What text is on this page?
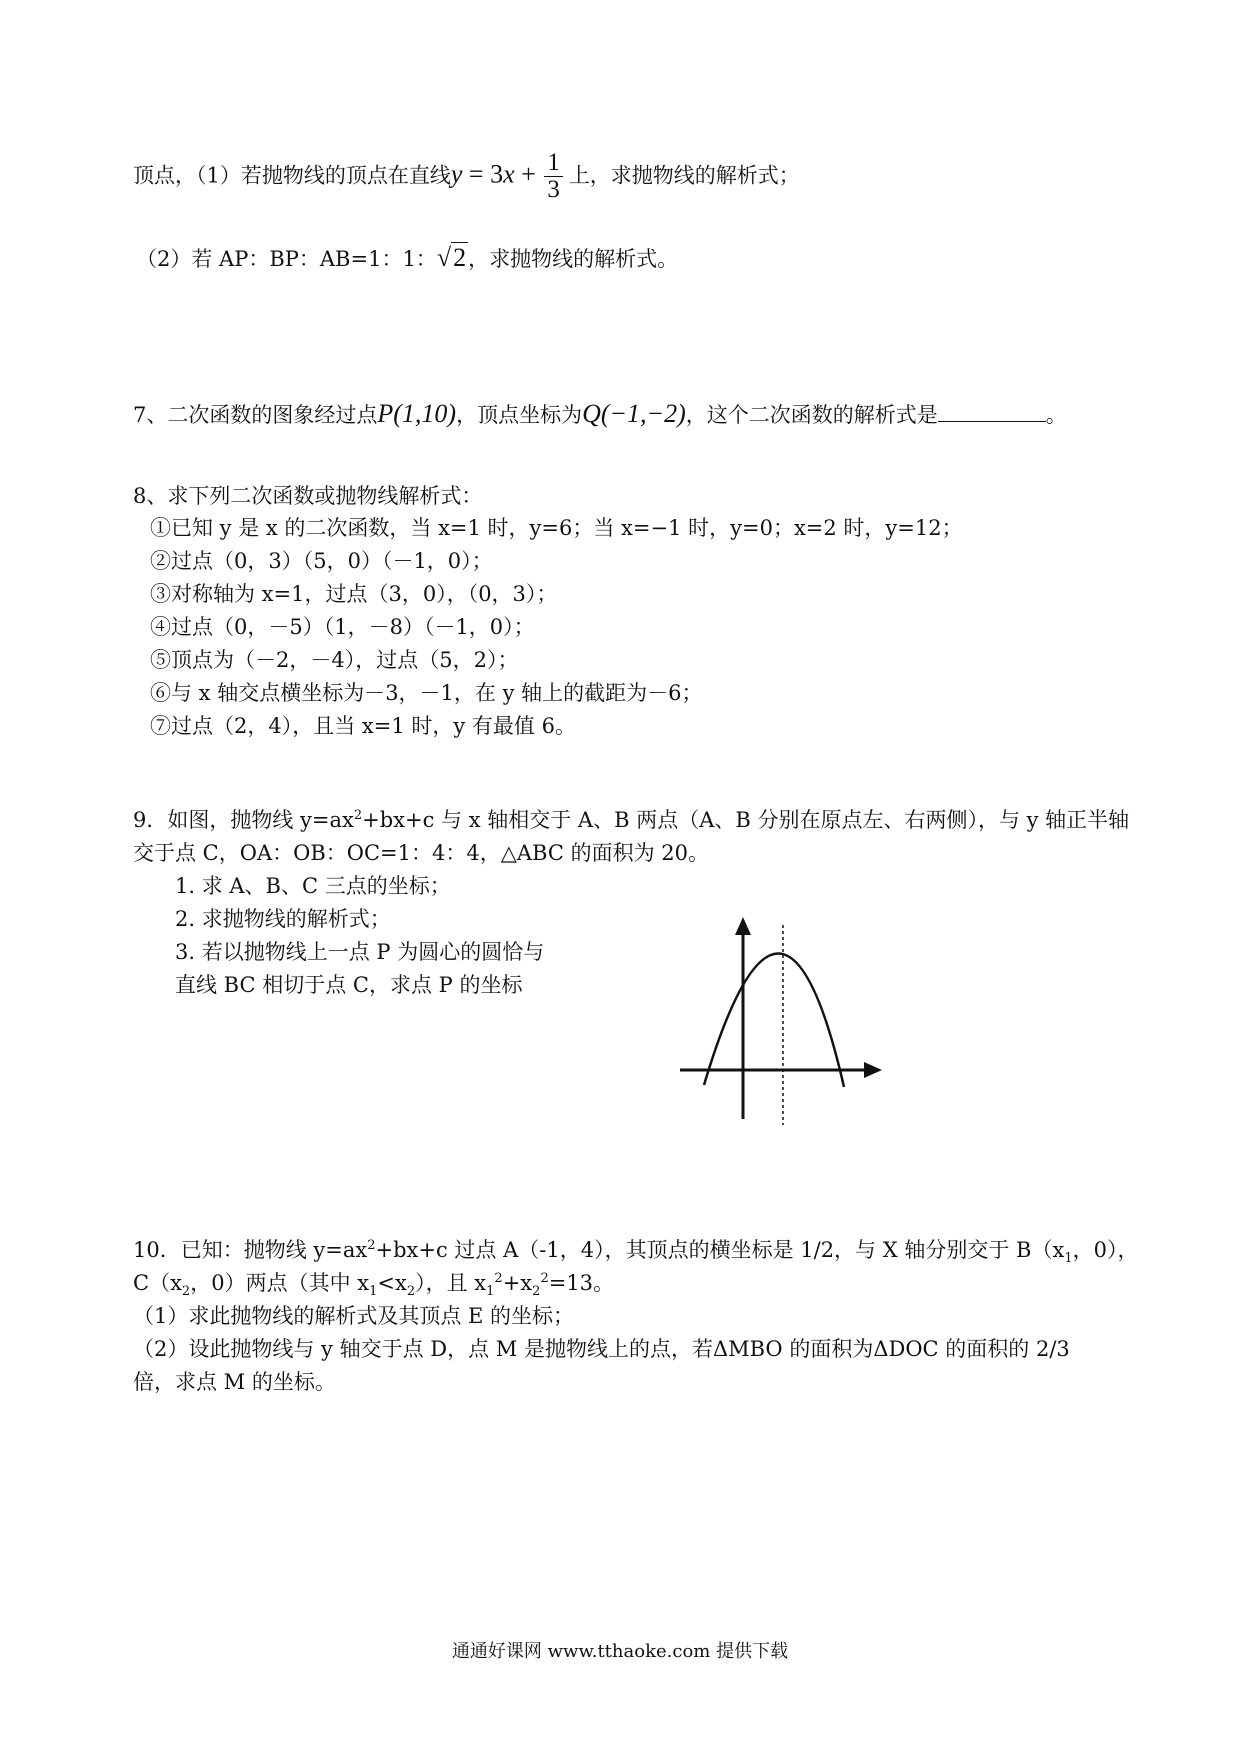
顶点，（1）若抛物线的顶点在直线$y = 3x + \frac{1}{3}$ 上，求抛物线的解析式；
（2）若 AP：BP：AB=1：1：√2，求抛物线的解析式。
7、二次函数的图象经过点P(1,10)，顶点坐标为Q(−1,−2)，这个二次函数的解析式是	。
8、求下列二次函数或抛物线解析式：
①已知 y 是 x 的二次函数，当 x=1 时，y=6；当 x=−1 时，y=0；x=2 时，y=12；
②过点（0，3）（5，0）（－1，0）；
③对称轴为 x=1，过点（3，0），（0，3）；
④过点（0，－5）（1，－8）（－1，0）；
⑤顶点为（－2，－4），过点（5，2）；
⑥与 x 轴交点横坐标为－3，－1，在 y 轴上的截距为－6；
⑦过点（2，4），且当 x=1 时，y 有最值 6。
9．如图，抛物线 $y=ax^2+bx+c$ 与 x 轴相交于 A、B 两点（A、B 分别在原点左、右两侧），与 y 轴正半轴
交于点 C，OA：OB：OC=1：4：4，△ABC 的面积为 20。
1. 求 A、B、C 三点的坐标；
2. 求抛物线的解析式；
3. 若以抛物线上一点 P 为圆心的圆恰与
直线 BC 相切于点 C，求点 P 的坐标
10．已知：抛物线 $y=ax^2+bx+c$ 过点 A（-1，4），其顶点的横坐标是 1/2，与 X 轴分别交于 $B(x_1$，0），
$C(x_2$，0）两点（其中 $x_1<x_2$），且 $x_1^2+x_2^2=13$。
（1）求此抛物线的解析式及其顶点 E 的坐标；
（2）设此抛物线与 y 轴交于点 D，点 M 是抛物线上的点，若ΔMBO 的面积为ΔDOC 的面积的 2/3
倍，求点 M 的坐标。
通通好课网 www.tthaoke.com 提供下载
